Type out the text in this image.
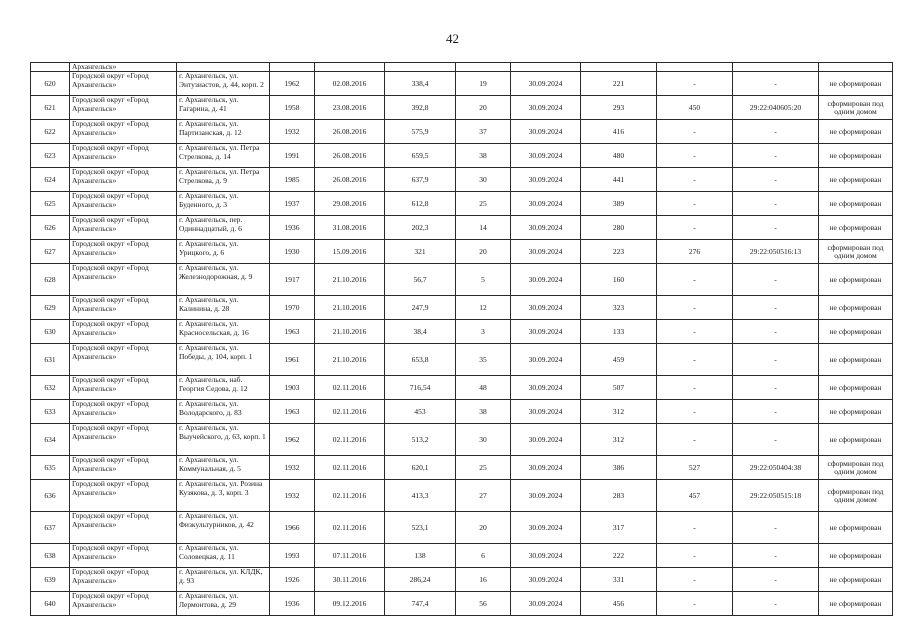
42
	Архангельск»										
620	Городской округ «Город Архангельск»	г. Архангельск, ул. Энтузиастов, д. 44, корп. 2	1962	02.08.2016	338,4	19	30.09.2024	221	-	-	не сформирован
621	Городской округ «Город Архангельск»	г. Архангельск, ул. Гагарина, д. 41	1958	23.08.2016	392,8	20	30.09.2024	293	450	29:22:040605:20	сформирован под одним домом
622	Городской округ «Город Архангельск»	г. Архангельск, ул. Партизанская, д. 12	1932	26.08.2016	575,9	37	30.09.2024	416	-	-	не сформирован
623	Городской округ «Город Архангельск»	г. Архангельск, ул. Петра Стрелкова, д. 14	1991	26.08.2016	659,5	38	30.09.2024	480	-	-	не сформирован
624	Городской округ «Город Архангельск»	г. Архангельск, ул. Петра Стрелкова, д. 9	1985	26.08.2016	637,9	30	30.09.2024	441	-	-	не сформирован
625	Городской округ «Город Архангельск»	г. Архангельск, ул. Буденного, д. 3	1937	29.08.2016	612,8	25	30.09.2024	389	-	-	не сформирован
626	Городской округ «Город Архангельск»	г. Архангельск, пер. Одиннадцатый, д. 6	1936	31.08.2016	202,3	14	30.09.2024	280	-	-	не сформирован
627	Городской округ «Город Архангельск»	г. Архангельск, ул. Урицкого, д. 6	1930	15.09.2016	321	20	30.09.2024	223	276	29:22:050516:13	сформирован под одним домом
628	Городской округ «Город Архангельск»	г. Архангельск, ул. Железнодорожная, д. 9	1917	21.10.2016	56,7	5	30.09.2024	160	-	-	не сформирован
629	Городской округ «Город Архангельск»	г. Архангельск, ул. Калинина, д. 28	1970	21.10.2016	247,9	12	30.09.2024	323	-	-	не сформирован
630	Городской округ «Город Архангельск»	г. Архангельск, ул. Красносельская, д. 16	1963	21.10.2016	38,4	3	30.09.2024	133	-	-	не сформирован
631	Городской округ «Город Архангельск»	г. Архангельск, ул. Победы, д. 104, корп. 1	1961	21.10.2016	653,8	35	30.09.2024	459	-	-	не сформирован
632	Городской округ «Город Архангельск»	г. Архангельск, наб. Георгия Седова, д. 12	1903	02.11.2016	716,54	48	30.09.2024	507	-	-	не сформирован
633	Городской округ «Город Архангельск»	г. Архангельск, ул. Володарского, д. 83	1963	02.11.2016	453	38	30.09.2024	312	-	-	не сформирован
634	Городской округ «Город Архангельск»	г. Архангельск, ул. Выучейского, д. 63, корп. 1	1962	02.11.2016	513,2	30	30.09.2024	312	-	-	не сформирован
635	Городской округ «Город Архангельск»	г. Архангельск, ул. Коммунальная, д. 5	1932	02.11.2016	620,1	25	30.09.2024	386	527	29:22:050404:38	сформирован под одним домом
636	Городской округ «Город Архангельск»	г. Архангельск, ул. Розина Кузякова, д. 3, корп. 3	1932	02.11.2016	413,3	27	30.09.2024	283	457	29:22:050515:18	сформирован под одним домом
637	Городской округ «Город Архангельск»	г. Архангельск, ул. Физкультурников, д. 42	1966	02.11.2016	523,1	20	30.09.2024	317	-	-	не сформирован
638	Городской округ «Город Архангельск»	г. Архангельск, ул. Соловецкая, д. 11	1993	07.11.2016	138	6	30.09.2024	222	-	-	не сформирован
639	Городской округ «Город Архангельск»	г. Архангельск, ул. КЛДК, д. 93	1926	30.11.2016	286,24	16	30.09.2024	331	-	-	не сформирован
640	Городской округ «Город Архангельск»	г. Архангельск, ул. Лермонтова, д. 29	1936	09.12.2016	747,4	56	30.09.2024	456	-	-	не сформирован
